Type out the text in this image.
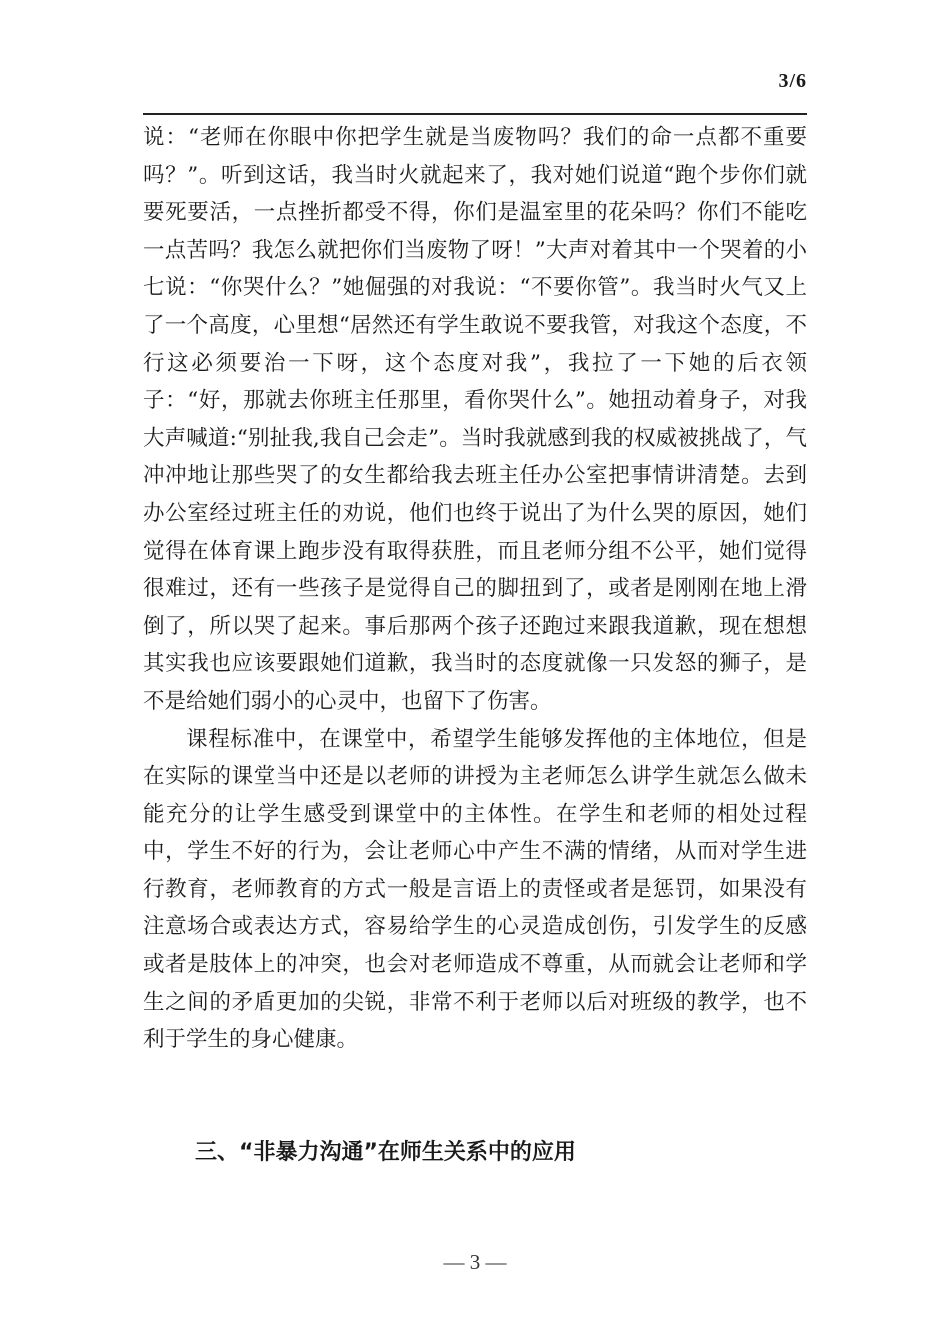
3/6

说：“老师在你眼中你把学生就是当废物吗？我们的命一点都不重要吗？”。听到这话，我当时火就起来了，我对她们说道“跑个步你们就要死要活，一点挫折都受不得，你们是温室里的花朵吗？你们不能吃一点苦吗？我怎么就把你们当废物了呀！”大声对着其中一个哭着的小七说：“你哭什么？”她倔强的对我说：“不要你管”。我当时火气又上了一个高度，心里想“居然还有学生敢说不要我管，对我这个态度，不行这必须要治一下呀，这个态度对我”，我拉了一下她的后衣领子：“好，那就去你班主任那里，看你哭什么”。她扭动着身子，对我大声喊道:“别扯我,我自己会走”。当时我就感到我的权威被挑战了，气冲冲地让那些哭了的女生都给我去班主任办公室把事情讲清楚。去到办公室经过班主任的劝说，他们也终于说出了为什么哭的原因，她们觉得在体育课上跑步没有取得获胜，而且老师分组不公平，她们觉得很难过，还有一些孩子是觉得自己的脚扭到了，或者是刚刚在地上滑倒了，所以哭了起来。事后那两个孩子还跑过来跟我道歉，现在想想其实我也应该要跟她们道歉，我当时的态度就像一只发怒的狮子，是不是给她们弱小的心灵中，也留下了伤害。

课程标准中，在课堂中，希望学生能够发挥他的主体地位，但是在实际的课堂当中还是以老师的讲授为主老师怎么讲学生就怎么做未能充分的让学生感受到课堂中的主体性。在学生和老师的相处过程中，学生不好的行为，会让老师心中产生不满的情绪，从而对学生进行教育，老师教育的方式一般是言语上的责怪或者是惩罚，如果没有注意场合或表达方式，容易给学生的心灵造成创伤，引发学生的反感或者是肢体上的冲突，也会对老师造成不尊重，从而就会让老师和学生之间的矛盾更加的尖锐，非常不利于老师以后对班级的教学，也不利于学生的身心健康。

三、“非暴力沟通”在师生关系中的应用
— 3 —
